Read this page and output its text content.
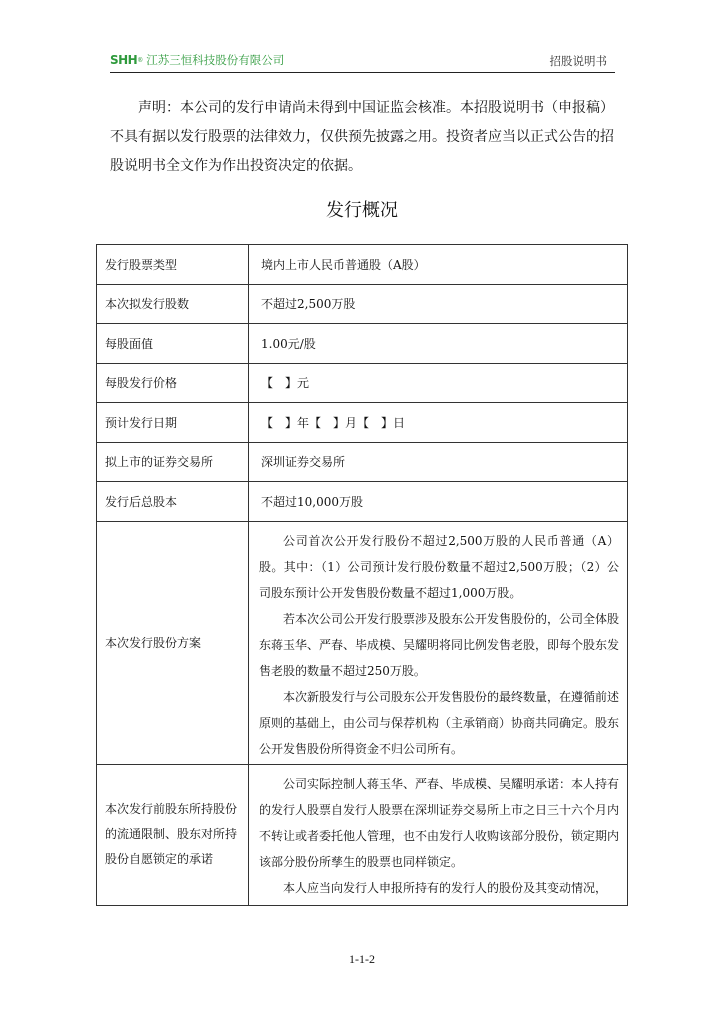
SHH ® 江苏三恒科技股份有限公司	招股说明书

声明：本公司的发行申请尚未得到中国证监会核准。本招股说明书（申报稿）不具有据以发行股票的法律效力，仅供预先披露之用。投资者应当以正式公告的招股说明书全文作为作出投资决定的依据。

发行概况
发行股票类型	境内上市人民币普通股（A股）
本次拟发行股数	不超过2,500万股
每股面值	1.00元/股
每股发行价格	【　】元
预计发行日期	【　】年【　】月【　】日
拟上市的证券交易所	深圳证券交易所
发行后总股本	不超过10,000万股
本次发行股份方案	公司首次公开发行股份不超过2,500万股的人民币普通（A）股。其中：（1）公司预计发行股份数量不超过2,500万股；（2）公司股东预计公开发售股份数量不超过1,000万股。

若本次公司公开发行股票涉及股东公开发售股份的，公司全体股东蒋玉华、严春、毕成模、吴耀明将同比例发售老股，即每个股东发售老股的数量不超过250万股。

本次新股发行与公司股东公开发售股份的最终数量，在遵循前述原则的基础上，由公司与保荐机构（主承销商）协商共同确定。股东公开发售股份所得资金不归公司所有。

本次发行前股东所持股份的流通限制、股东对所持股份自愿锁定的承诺	公司实际控制人蒋玉华、严春、毕成模、吴耀明承诺：本人持有的发行人股票自发行人股票在深圳证券交易所上市之日三十六个月内不转让或者委托他人管理，也不由发行人收购该部分股份，锁定期内该部分股份所孳生的股票也同样锁定。

本人应当向发行人申报所持有的发行人的股份及其变动情况，

1-1-2
